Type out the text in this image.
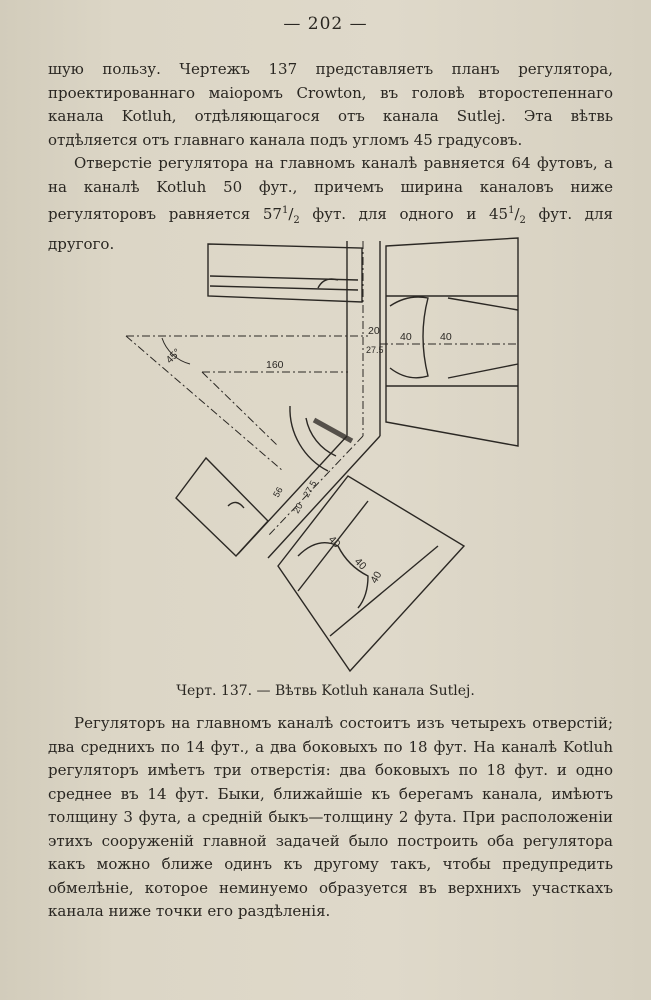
— 202 —

шую пользу. Чертежъ 137 представляетъ планъ регулятора, проектированнаго маіоромъ Crowton, въ головѣ второстепеннаго канала Kotluh, отдѣляющагося отъ канала Sutlej. Эта вѣтвь отдѣляется отъ главнаго канала подъ угломъ 45 градусовъ.

Отверстіе регулятора на главномъ каналѣ равняется 64 футовъ, а на каналѣ Kotluh 50 фут., причемъ ширина каналовъ ниже регуляторовъ равняется $57^1/_2$ фут. для одного и $45^1/_2$ фут. для другого.

45°	160
20
27.5
40	40
56 27.5
20
40
40
40
Черт. 137. — Вѣтвь Kotluh канала Sutlej.

Регуляторъ на главномъ каналѣ состоитъ изъ четырехъ отверстій; два среднихъ по 14 фут., а два боковыхъ по 18 фут. На каналѣ Kotluh регуляторъ имѣетъ три отверстія: два боковыхъ по 18 фут. и одно среднее въ 14 фут. Быки, ближайшіе къ берегамъ канала, имѣютъ толщину 3 фута, а средній быкъ—толщину 2 фута. При расположеніи этихъ сооруженій главной задачей было построить оба регулятора какъ можно ближе одинъ къ другому такъ, чтобы предупредить обмелѣніе, которое неминуемо образуется въ верхнихъ участкахъ канала ниже точки его раздѣленія.
